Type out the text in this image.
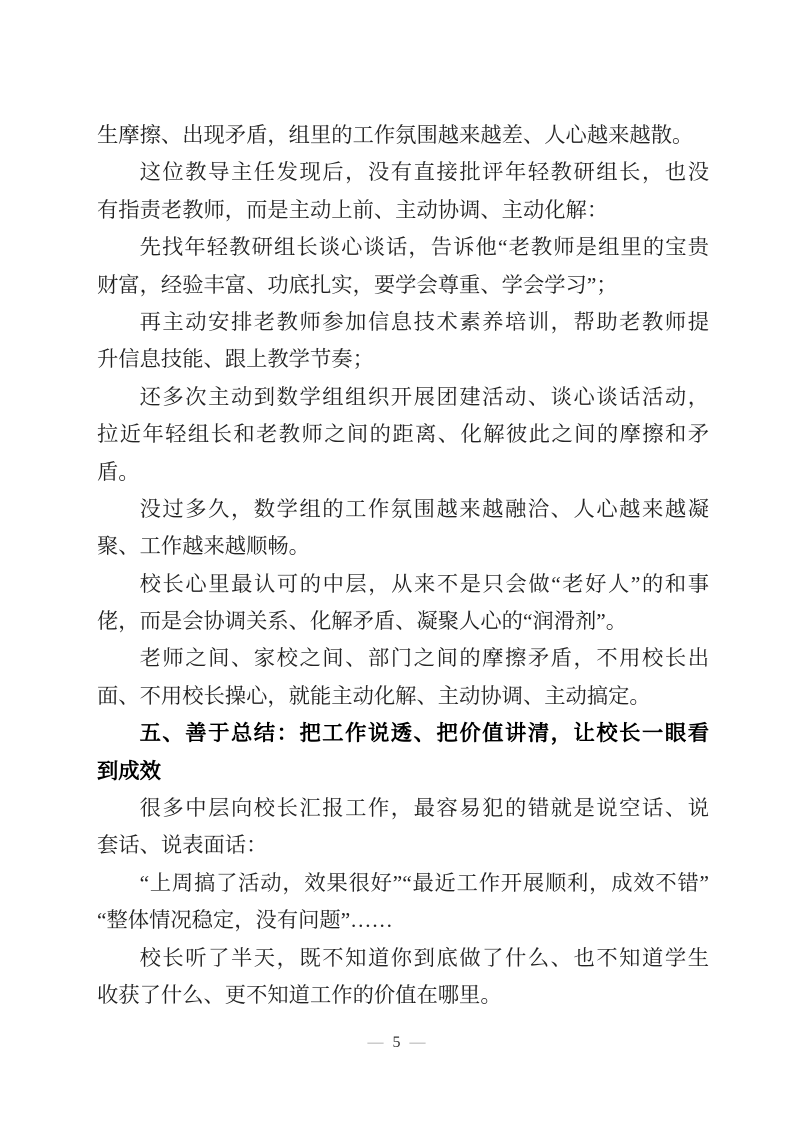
生摩擦、出现矛盾，组里的工作氛围越来越差、人心越来越散。
这位教导主任发现后，没有直接批评年轻教研组长，也没
有指责老教师，而是主动上前、主动协调、主动化解：
先找年轻教研组长谈心谈话，告诉他“老教师是组里的宝贵
财富，经验丰富、功底扎实，要学会尊重、学会学习”；
再主动安排老教师参加信息技术素养培训，帮助老教师提
升信息技能、跟上教学节奏；
还多次主动到数学组组织开展团建活动、谈心谈话活动，
拉近年轻组长和老教师之间的距离、化解彼此之间的摩擦和矛
盾。
没过多久，数学组的工作氛围越来越融洽、人心越来越凝
聚、工作越来越顺畅。
校长心里最认可的中层，从来不是只会做“老好人”的和事
佬，而是会协调关系、化解矛盾、凝聚人心的“润滑剂”。
老师之间、家校之间、部门之间的摩擦矛盾，不用校长出
面、不用校长操心，就能主动化解、主动协调、主动搞定。
五、善于总结：把工作说透、把价值讲清，让校长一眼看
到成效
很多中层向校长汇报工作，最容易犯的错就是说空话、说
套话、说表面话：
“上周搞了活动，效果很好”“最近工作开展顺利，成效不错”
“整体情况稳定，没有问题”……
校长听了半天，既不知道你到底做了什么、也不知道学生
收获了什么、更不知道工作的价值在哪里。
— 5 —
